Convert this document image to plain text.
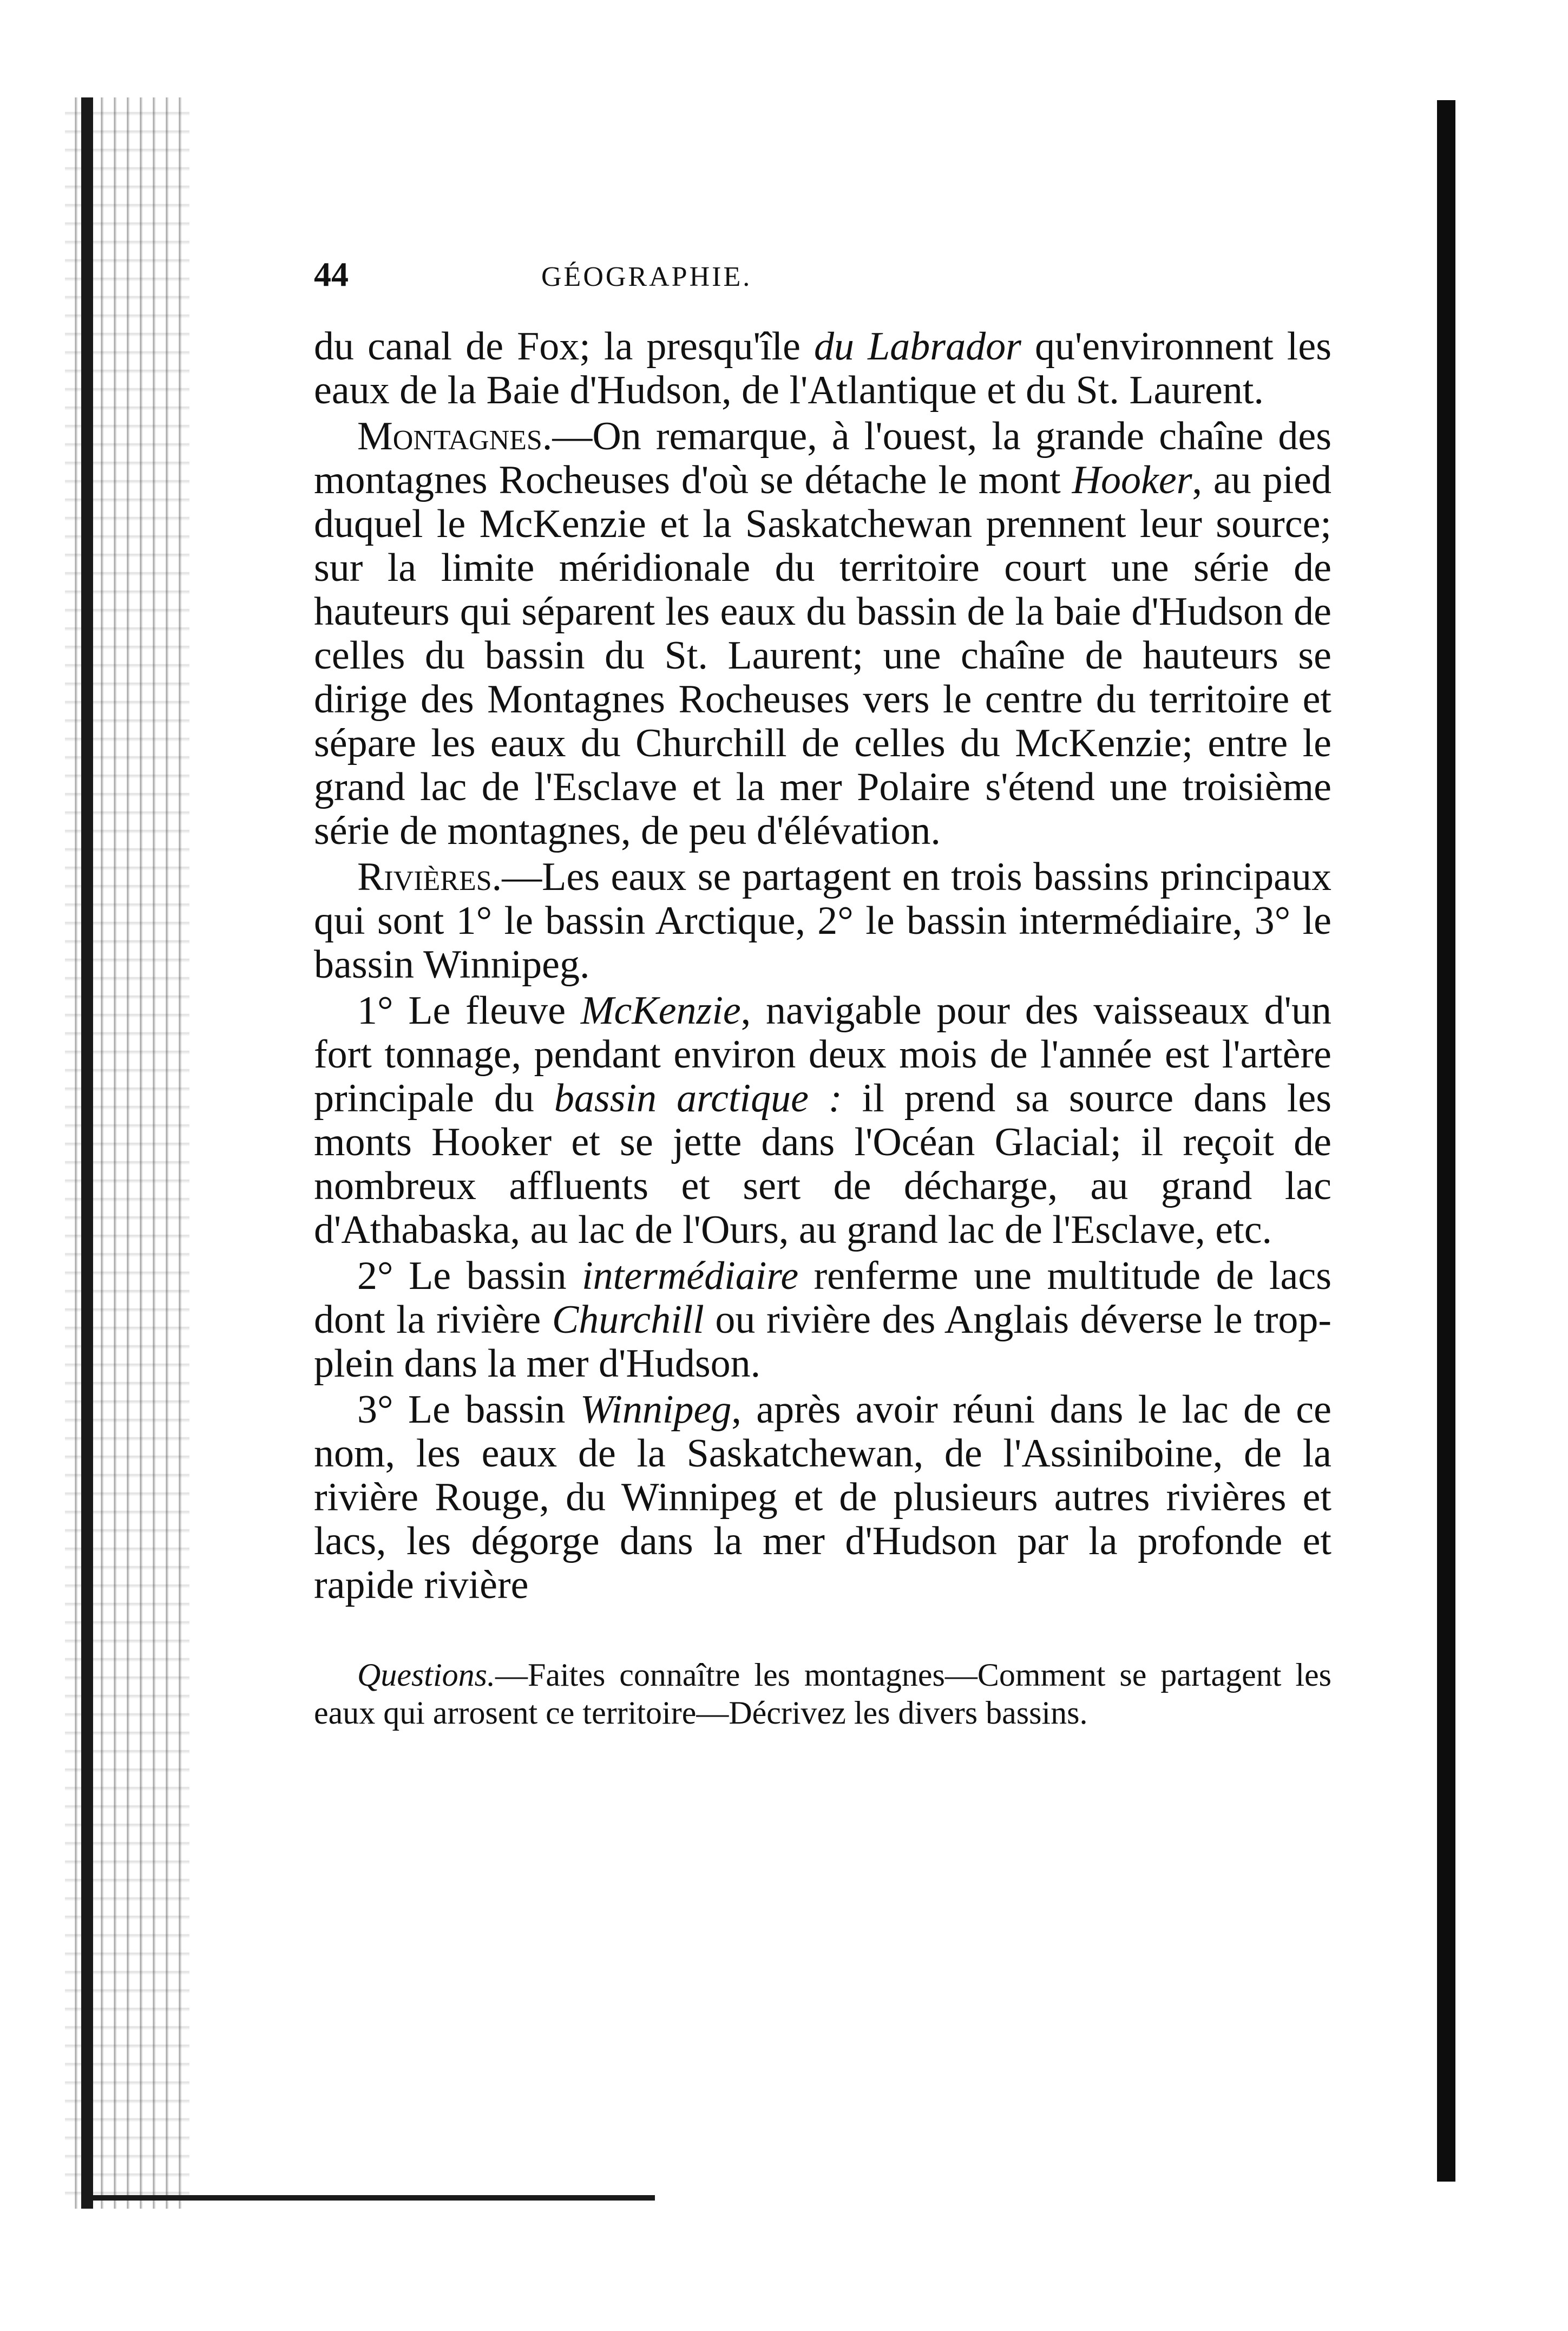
44	GÉOGRAPHIE.

du canal de Fox; la presqu'île du Labrador qu'environnent les eaux de la Baie d'Hudson, de l'Atlantique et du St. Laurent.

Montagnes.—On remarque, à l'ouest, la grande chaîne des montagnes Rocheuses d'où se détache le mont Hooker, au pied duquel le McKenzie et la Saskatchewan prennent leur source; sur la limite méridionale du territoire court une série de hauteurs qui séparent les eaux du bassin de la baie d'Hudson de celles du bassin du St. Laurent; une chaîne de hauteurs se dirige des Montagnes Rocheuses vers le centre du territoire et sépare les eaux du Churchill de celles du McKenzie; entre le grand lac de l'Esclave et la mer Polaire s'étend une troisième série de montagnes, de peu d'élévation.

Rivières.—Les eaux se partagent en trois bassins principaux qui sont 1° le bassin Arctique, 2° le bassin intermédiaire, 3° le bassin Winnipeg.

1° Le fleuve McKenzie, navigable pour des vaisseaux d'un fort tonnage, pendant environ deux mois de l'année est l'artère principale du bassin arctique : il prend sa source dans les monts Hooker et se jette dans l'Océan Glacial; il reçoit de nombreux affluents et sert de décharge, au grand lac d'Athabaska, au lac de l'Ours, au grand lac de l'Esclave, etc.

2° Le bassin intermédiaire renferme une multitude de lacs dont la rivière Churchill ou rivière des Anglais déverse le trop-plein dans la mer d'Hudson.

3° Le bassin Winnipeg, après avoir réuni dans le lac de ce nom, les eaux de la Saskatchewan, de l'Assiniboine, de la rivière Rouge, du Winnipeg et de plusieurs autres rivières et lacs, les dégorge dans la mer d'Hudson par la profonde et rapide rivière

Questions.—Faites connaître les montagnes—Comment se partagent les eaux qui arrosent ce territoire—Décrivez les divers bassins.
